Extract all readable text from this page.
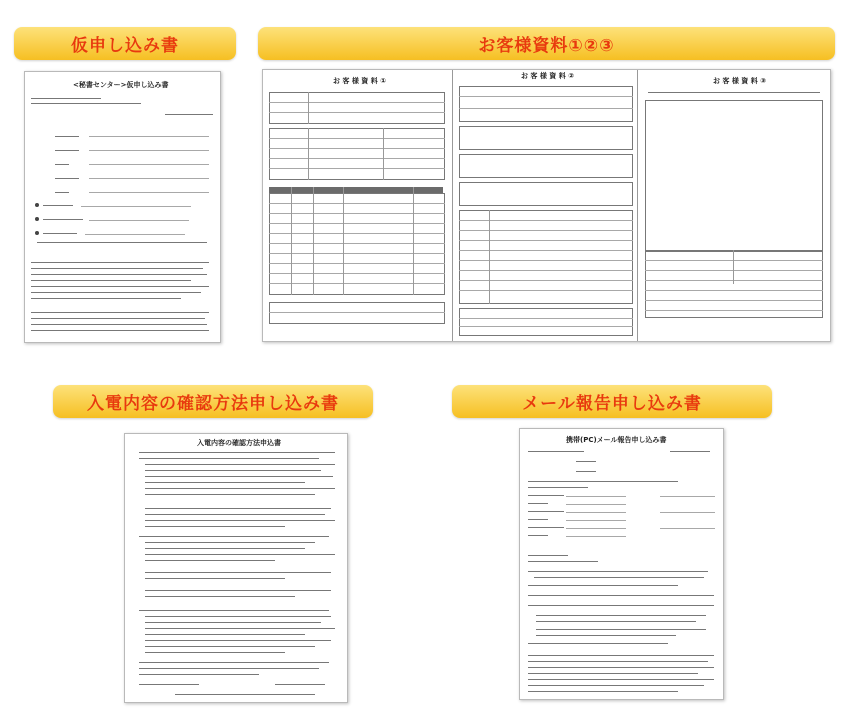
仮申し込み書	お客様資料①②③
入電内容の確認方法申し込み書	メール報告申し込み書
<秘書センター>仮申し込み書	お 客 様 資 料 ①
お 客 様 資 料 ②
お 客 様 資 料 ③
入電内容の確認方法申込書	携帯(PC)メール報告申し込み書
